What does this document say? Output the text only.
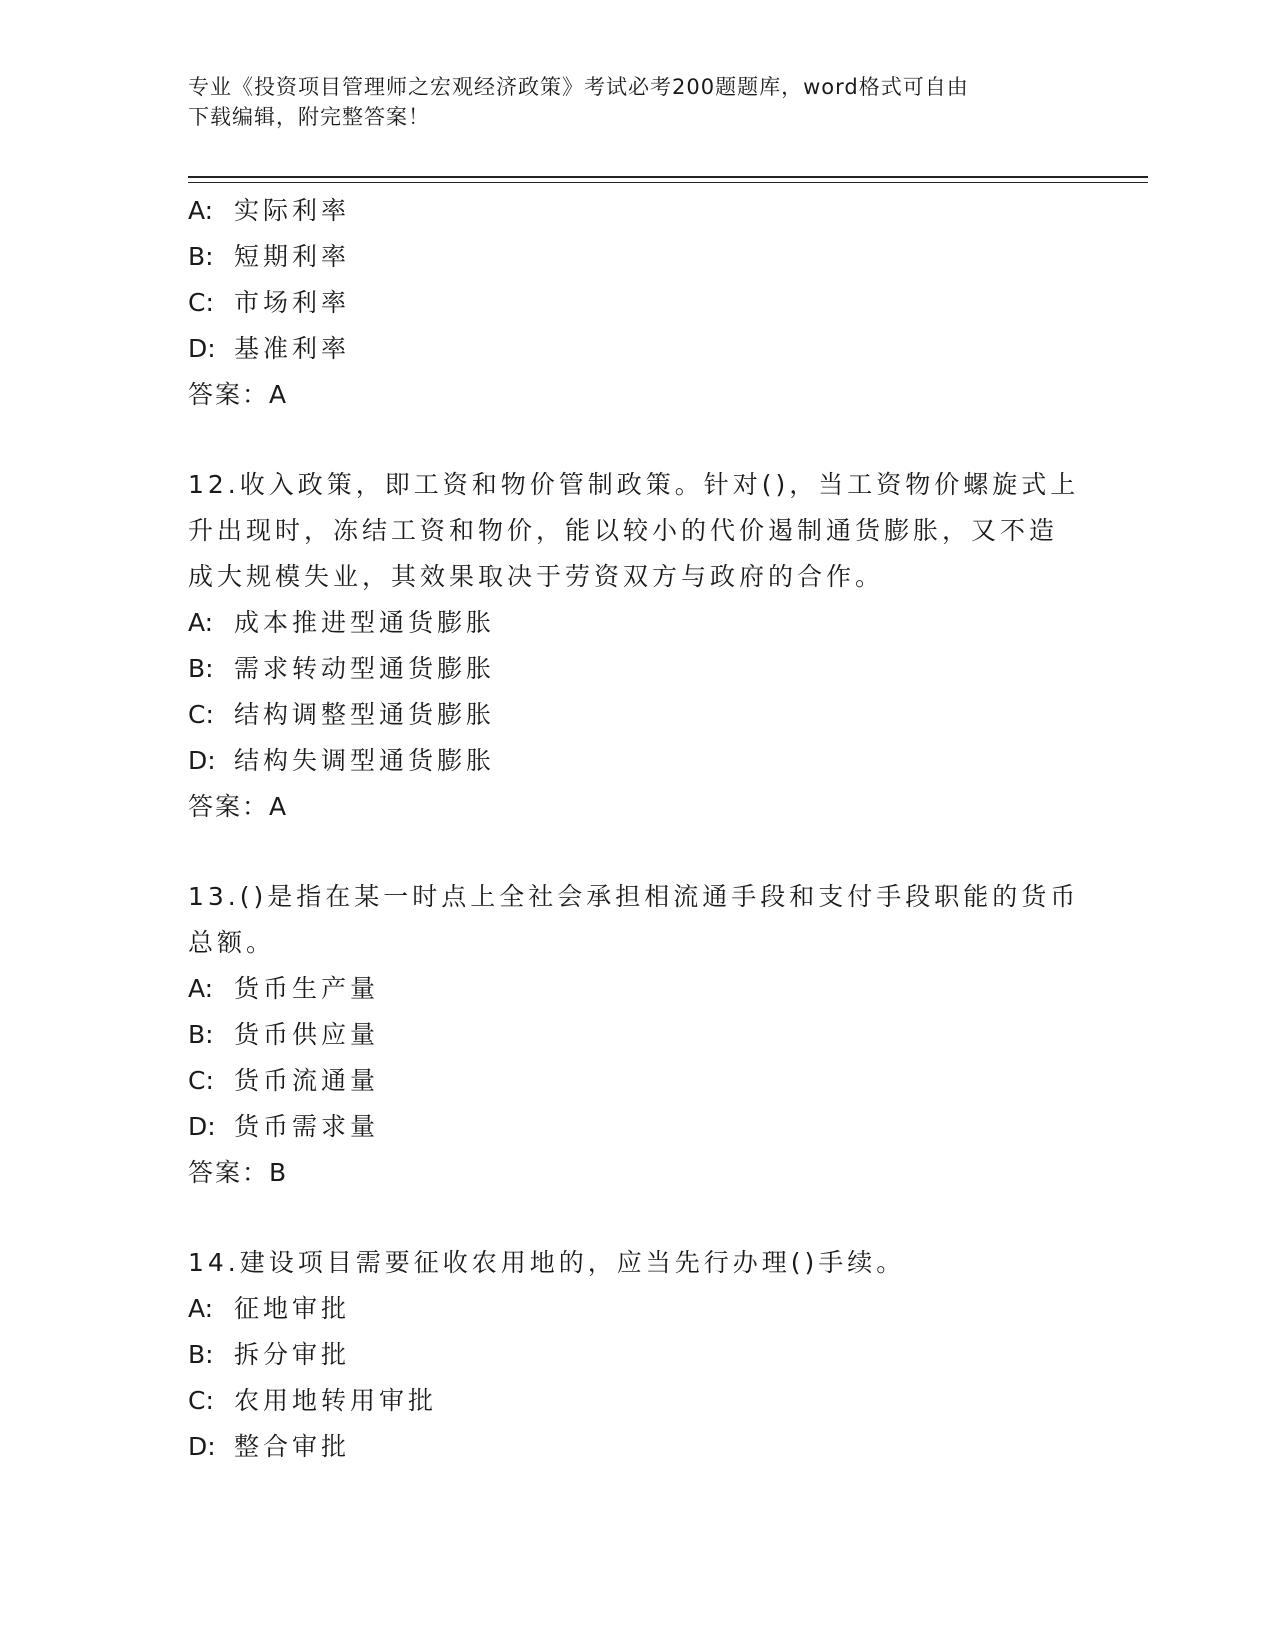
专业《投资项目管理师之宏观经济政策》考试必考200题题库，word格式可自由
下载编辑，附完整答案！
A: 实际利率
B: 短期利率
C: 市场利率
D: 基准利率
答案：A
12.收入政策，即工资和物价管制政策。针对()，当工资物价螺旋式上
升出现时，冻结工资和物价，能以较小的代价遏制通货膨胀，又不造
成大规模失业，其效果取决于劳资双方与政府的合作。
A: 成本推进型通货膨胀
B: 需求转动型通货膨胀
C: 结构调整型通货膨胀
D: 结构失调型通货膨胀
答案：A
13.()是指在某一时点上全社会承担相流通手段和支付手段职能的货币
总额。
A: 货币生产量
B: 货币供应量
C: 货币流通量
D: 货币需求量
答案：B
14.建设项目需要征收农用地的，应当先行办理()手续。
A: 征地审批
B: 拆分审批
C: 农用地转用审批
D: 整合审批
